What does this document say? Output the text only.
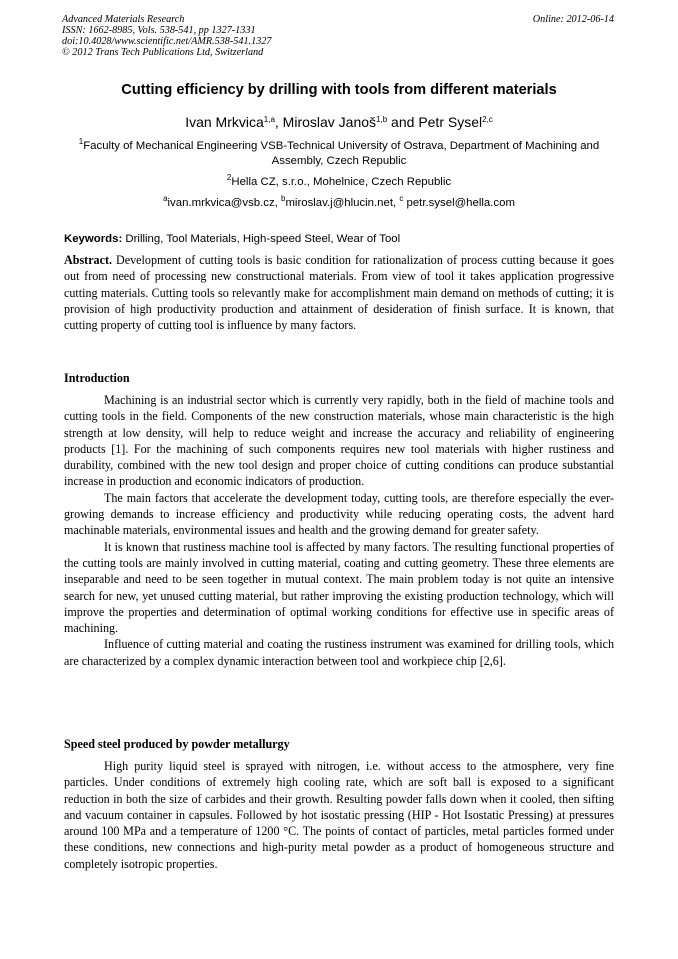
Advanced Materials Research
ISSN: 1662-8985, Vols. 538-541, pp 1327-1331
doi:10.4028/www.scientific.net/AMR.538-541.1327
© 2012 Trans Tech Publications Ltd, Switzerland
Online: 2012-06-14
Cutting efficiency by drilling with tools from different materials
Ivan Mrkvica$^{1,a}$, Miroslav Janoš$^{1,b}$ and Petr Sysel$^{2,c}$
$^1$Faculty of Mechanical Engineering VSB-Technical University of Ostrava, Department of Machining and Assembly, Czech Republic
$^2$Hella CZ, s.r.o., Mohelnice, Czech Republic
$^a$ivan.mrkvica@vsb.cz, $^b$miroslav.j@hlucin.net, $^c$ petr.sysel@hella.com
Keywords: Drilling, Tool Materials, High-speed Steel, Wear of Tool

Abstract. Development of cutting tools is basic condition for rationalization of process cutting because it goes out from need of processing new constructional materials. From view of tool it takes application progressive cutting materials. Cutting tools so relevantly make for accomplishment main demand on methods of cutting; it is provision of high productivity production and attainment of desideration of finish surface. It is known, that cutting property of cutting tool is influence by many factors.

Introduction

Machining is an industrial sector which is currently very rapidly, both in the field of machine tools and cutting tools in the field. Components of the new construction materials, whose main characteristic is the high strength at low density, will help to reduce weight and increase the accuracy and reliability of engineering products [1]. For the machining of such components requires new tool materials with higher rustiness and durability, combined with the new tool design and proper choice of cutting conditions can produce substantial increase in production and economic indicators of production.

The main factors that accelerate the development today, cutting tools, are therefore especially the ever-growing demands to increase efficiency and productivity while reducing operating costs, the advent hard machinable materials, environmental issues and health and the growing demand for greater safety.

It is known that rustiness machine tool is affected by many factors. The resulting functional properties of the cutting tools are mainly involved in cutting material, coating and cutting geometry. These three elements are inseparable and need to be seen together in mutual context. The main problem today is not quite an intensive search for new, yet unused cutting material, but rather improving the existing production technology, which will improve the properties and determination of optimal working conditions for effective use in specific areas of machining.

Influence of cutting material and coating the rustiness instrument was examined for drilling tools, which are characterized by a complex dynamic interaction between tool and workpiece chip [2,6].

Speed steel produced by powder metallurgy

High purity liquid steel is sprayed with nitrogen, i.e. without access to the atmosphere, very fine particles. Under conditions of extremely high cooling rate, which are soft ball is exposed to a significant reduction in both the size of carbides and their growth. Resulting powder falls down when it cooled, then sifting and vacuum container in capsules. Followed by hot isostatic pressing (HIP - Hot Isostatic Pressing) at pressures around 100 MPa and a temperature of 1200 °C. The points of contact of particles, metal particles formed under these conditions, new connections and high-purity metal powder as a product of homogeneous structure and completely isotropic properties.
